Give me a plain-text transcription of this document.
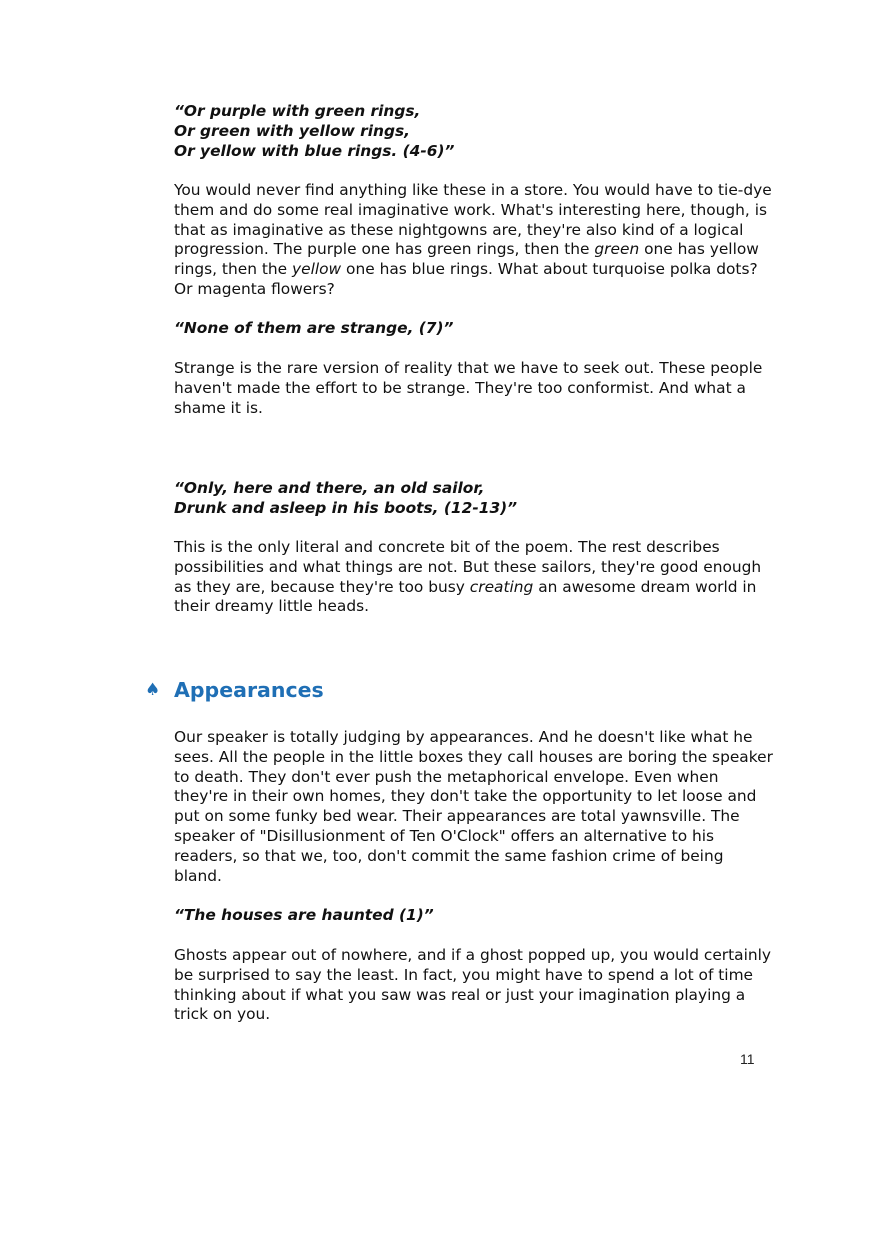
“Or purple with green rings,
Or green with yellow rings,
Or yellow with blue rings. (4-6)”

You would never find anything like these in a store. You would have to tie-dye them and do some real imaginative work. What's interesting here, though, is that as imaginative as these nightgowns are, they're also kind of a logical progression. The purple one has green rings, then the green one has yellow rings, then the yellow one has blue rings. What about turquoise polka dots? Or magenta flowers?

“None of them are strange, (7)”

Strange is the rare version of reality that we have to seek out. These people haven't made the effort to be strange. They're too conformist. And what a shame it is.

“Only, here and there, an old sailor,
Drunk and asleep in his boots, (12-13)”

This is the only literal and concrete bit of the poem. The rest describes possibilities and what things are not. But these sailors, they're good enough as they are, because they're too busy creating an awesome dream world in their dreamy little heads.

♠ Appearances

Our speaker is totally judging by appearances. And he doesn't like what he sees. All the people in the little boxes they call houses are boring the speaker to death. They don't ever push the metaphorical envelope. Even when they're in their own homes, they don't take the opportunity to let loose and put on some funky bed wear. Their appearances are total yawnsville. The speaker of "Disillusionment of Ten O'Clock" offers an alternative to his readers, so that we, too, don't commit the same fashion crime of being bland.

“The houses are haunted (1)”

Ghosts appear out of nowhere, and if a ghost popped up, you would certainly be surprised to say the least. In fact, you might have to spend a lot of time thinking about if what you saw was real or just your imagination playing a trick on you.

11
